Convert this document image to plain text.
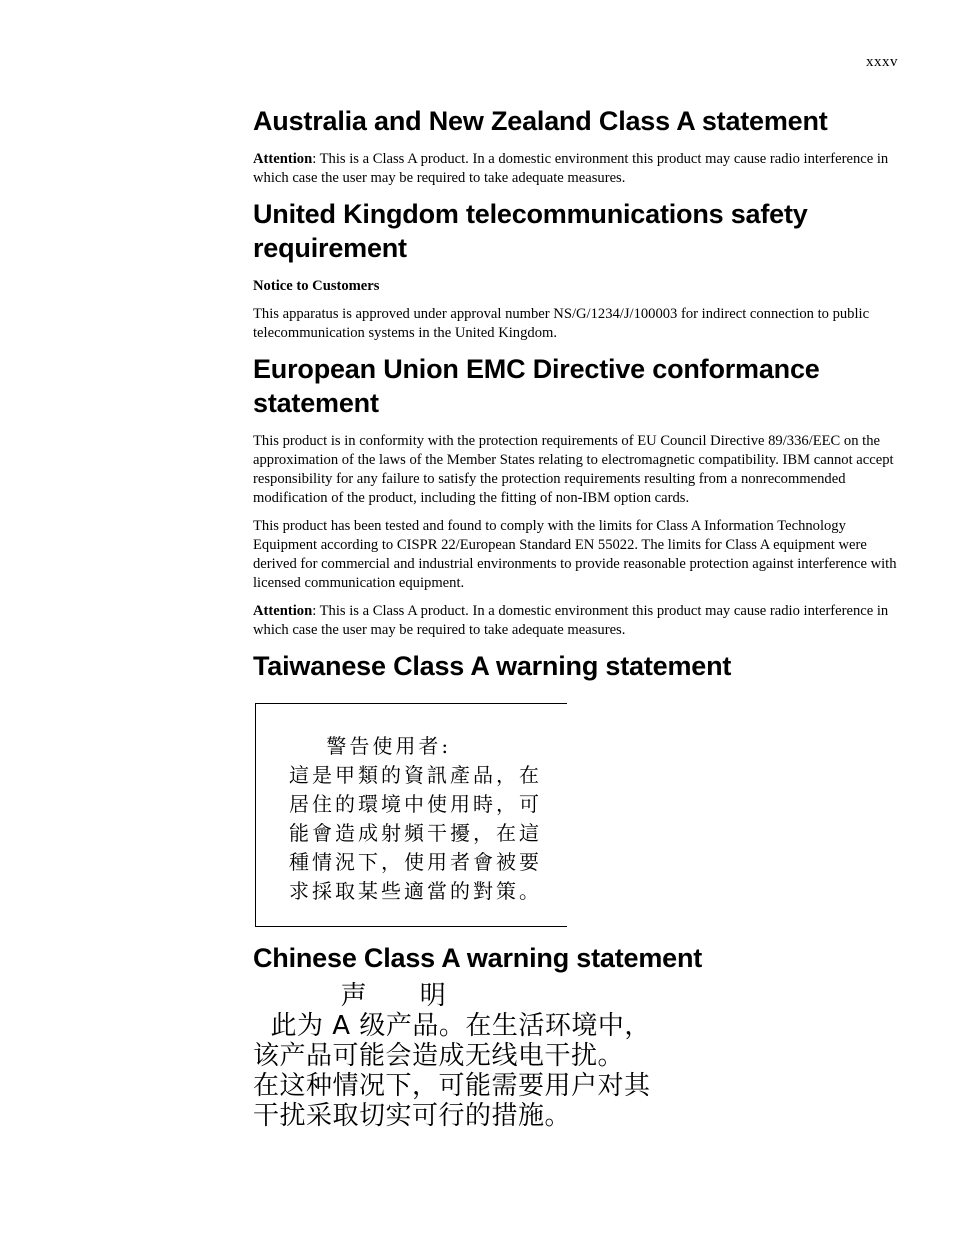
xxxv
Australia and New Zealand Class A statement

Attention: This is a Class A product. In a domestic environment this product may cause radio interference in which case the user may be required to take adequate measures.

United Kingdom telecommunications safety requirement
Notice to Customers

This apparatus is approved under approval number NS/G/1234/J/100003 for indirect connection to public telecommunication systems in the United Kingdom.

European Union EMC Directive conformance statement

This product is in conformity with the protection requirements of EU Council Directive 89/336/EEC on the approximation of the laws of the Member States relating to electromagnetic compatibility. IBM cannot accept responsibility for any failure to satisfy the protection requirements resulting from a nonrecommended modification of the product, including the fitting of non-IBM option cards.

This product has been tested and found to comply with the limits for Class A Information Technology Equipment according to CISPR 22/European Standard EN 55022. The limits for Class A equipment were derived for commercial and industrial environments to provide reasonable protection against interference with licensed communication equipment.

Attention: This is a Class A product. In a domestic environment this product may cause radio interference in which case the user may be required to take adequate measures.

Taiwanese Class A warning statement
警告使用者:
這是甲類的資訊產品，在
居住的環境中使用時，可
能會造成射頻干擾，在這
種情況下，使用者會被要
求採取某些適當的對策。
Chinese Class A warning statement
声      明
此为 A 级产品。在生活环境中，
该产品可能会造成无线电干扰。
在这种情况下，可能需要用户对其
干扰采取切实可行的措施。
